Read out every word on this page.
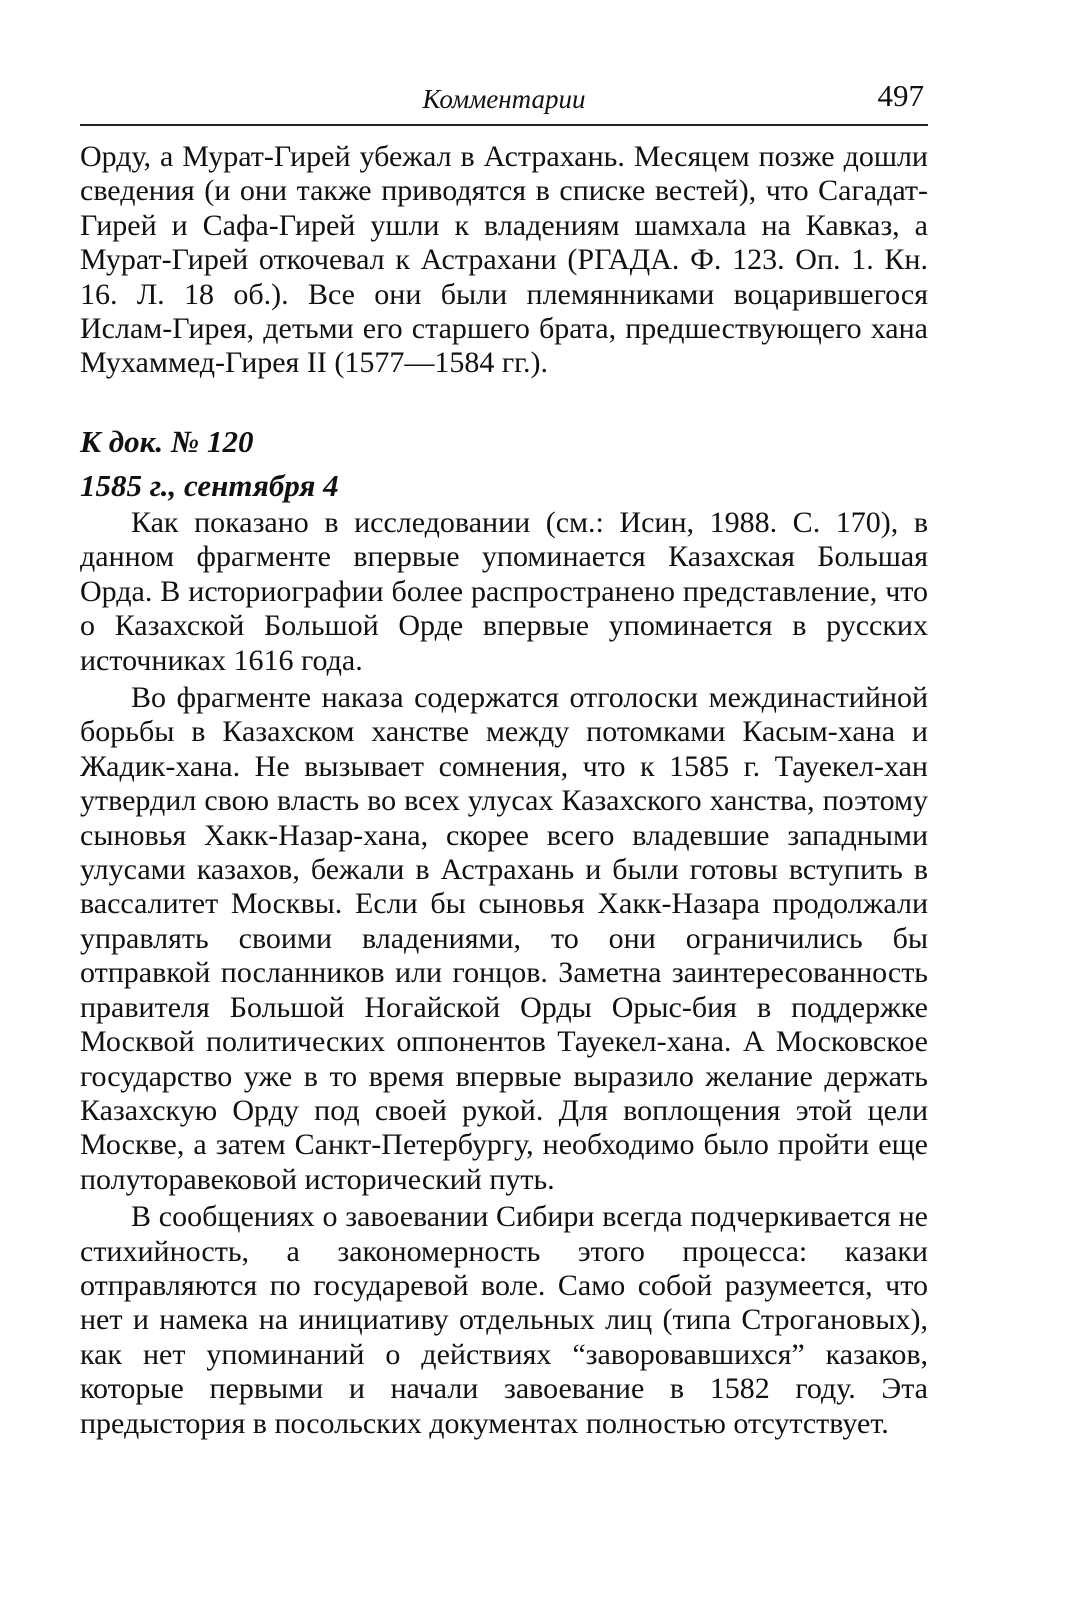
Комментарии	497

Орду, а Мурат-Гирей убежал в Астрахань. Месяцем позже дошли сведения (и они также приводятся в списке вестей), что Сагадат-Гирей и Сафа-Гирей ушли к владениям шамхала на Кавказ, а Мурат-Гирей откочевал к Астрахани (РГАДА. Ф. 123. Оп. 1. Кн. 16. Л. 18 об.). Все они были племянниками воцарившегося Ислам-Гирея, детьми его старшего брата, предшествующего хана Мухаммед-Гирея II (1577—1584 гг.).

К док. № 120
1585 г., сентября 4

Как показано в исследовании (см.: Исин, 1988. С. 170), в данном фрагменте впервые упоминается Казахская Большая Орда. В историографии более распространено представление, что о Казахской Большой Орде впервые упоминается в русских источниках 1616 года.

Во фрагменте наказа содержатся отголоски междинастийной борьбы в Казахском ханстве между потомками Касым-хана и Жадик-хана. Не вызывает сомнения, что к 1585 г. Тауекел-хан утвердил свою власть во всех улусах Казахского ханства, поэтому сыновья Хакк-Назар-хана, скорее всего владевшие западными улусами казахов, бежали в Астрахань и были готовы вступить в вассалитет Москвы. Если бы сыновья Хакк-Назара продолжали управлять своими владениями, то они ограничились бы отправкой посланников или гонцов. Заметна заинтересованность правителя Большой Ногайской Орды Орыс-бия в поддержке Москвой политических оппонентов Тауекел-хана. А Московское государство уже в то время впервые выразило желание держать Казахскую Орду под своей рукой. Для воплощения этой цели Москве, а затем Санкт-Петербургу, необходимо было пройти еще полуторавековой исторический путь.

В сообщениях о завоевании Сибири всегда подчеркивается не стихийность, а закономерность этого процесса: казаки отправляются по государевой воле. Само собой разумеется, что нет и намека на инициативу отдельных лиц (типа Строгановых), как нет упоминаний о действиях “заворовавшихся” казаков, которые первыми и начали завоевание в 1582 году. Эта предыстория в посольских документах полностью отсутствует.
